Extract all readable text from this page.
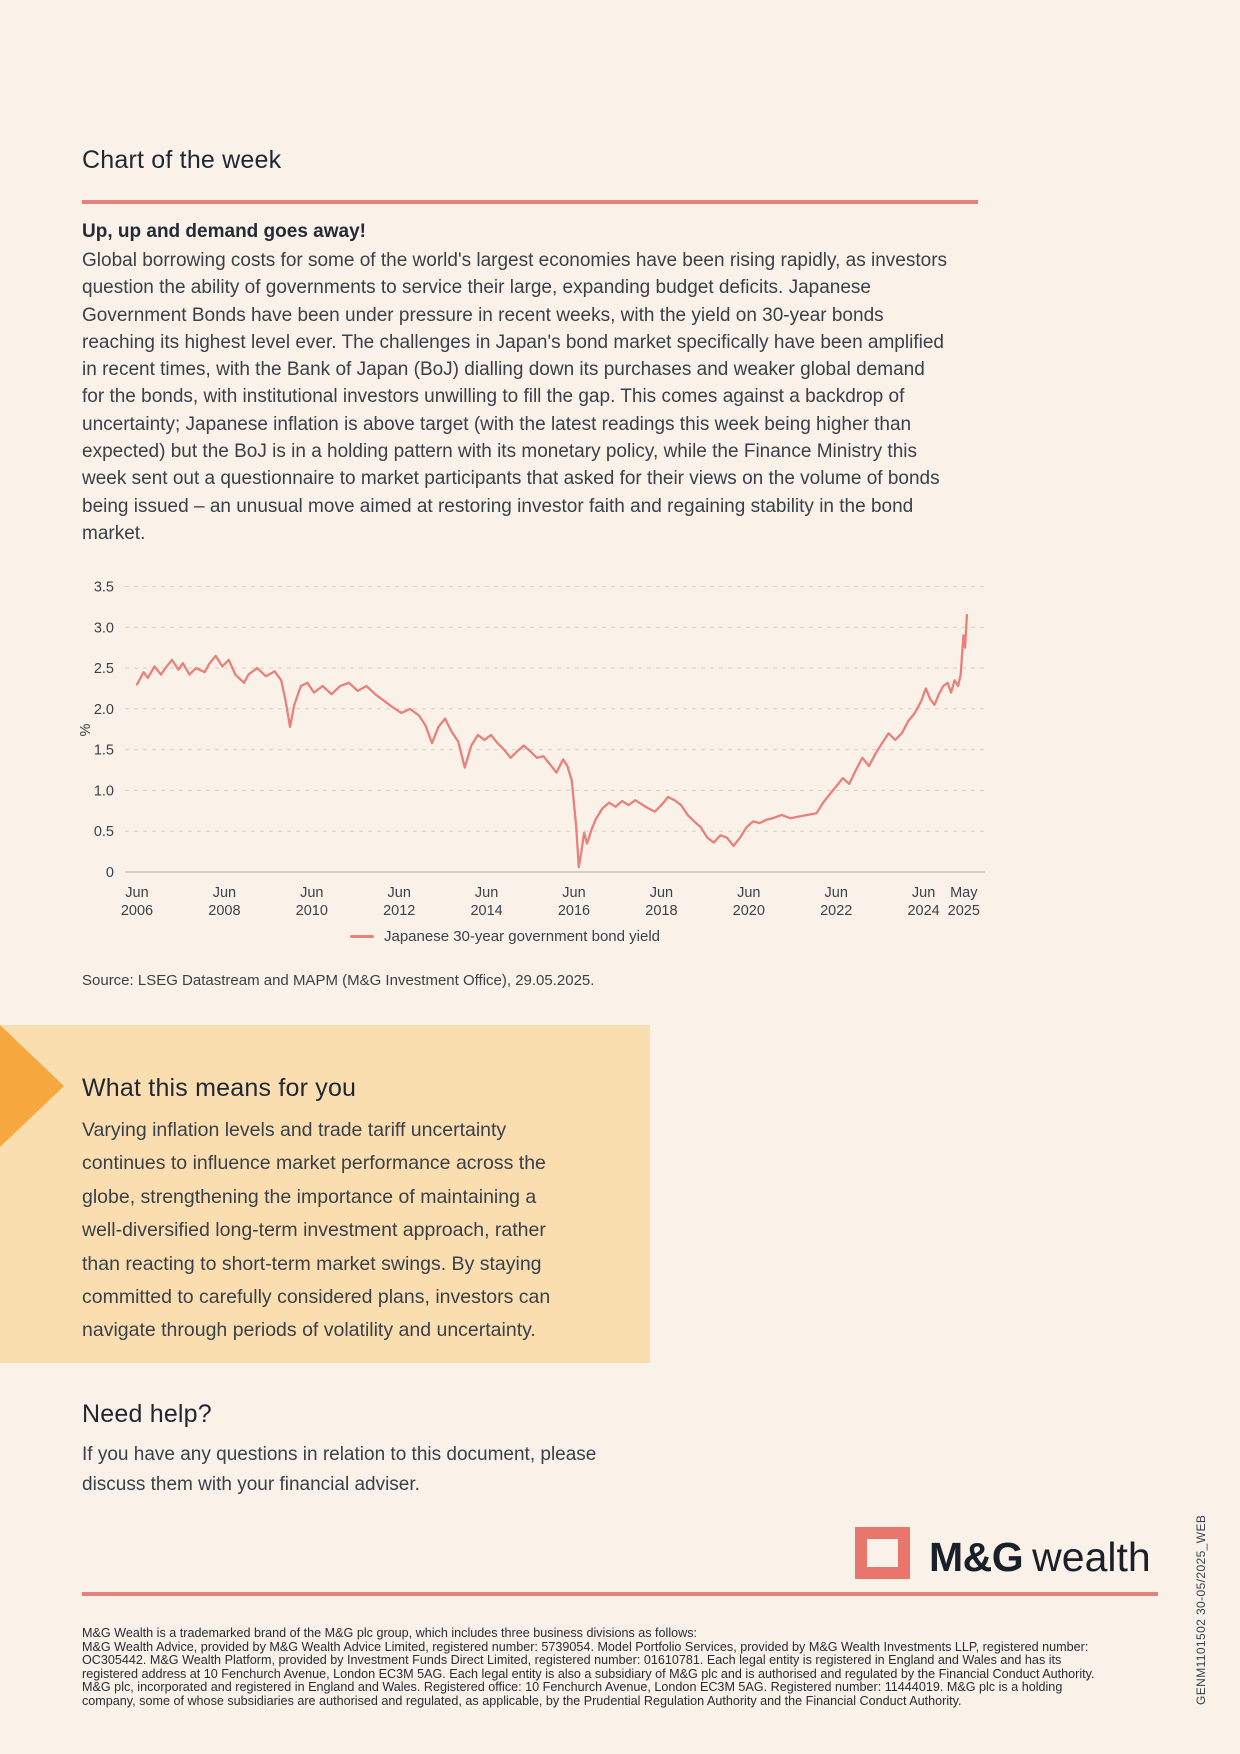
Chart of the week
Up, up and demand goes away!
Global borrowing costs for some of the world's largest economies have been rising rapidly, as investors question the ability of governments to service their large, expanding budget deficits. Japanese Government Bonds have been under pressure in recent weeks, with the yield on 30-year bonds reaching its highest level ever. The challenges in Japan's bond market specifically have been amplified in recent times, with the Bank of Japan (BoJ) dialling down its purchases and weaker global demand for the bonds, with institutional investors unwilling to fill the gap. This comes against a backdrop of uncertainty; Japanese inflation is above target (with the latest readings this week being higher than expected) but the BoJ is in a holding pattern with its monetary policy, while the Finance Ministry this week sent out a questionnaire to market participants that asked for their views on the volume of bonds being issued – an unusual move aimed at restoring investor faith and regaining stability in the bond market.
0
0.5
1.0
1.5
2.0
2.5
3.0
3.5
%
Jun
2006
Jun
2008
Jun
2010
Jun
2012
Jun
2014
Jun
2016
Jun
2018
Jun
2020
Jun
2022
Jun
2024
May
2025
Japanese 30-year government bond yield
Source: LSEG Datastream and MAPM (M&G Investment Office), 29.05.2025.
What this means for you
Varying inflation levels and trade tariff uncertainty continues to influence market performance across the globe, strengthening the importance of maintaining a well-diversified long-term investment approach, rather than reacting to short-term market swings. By staying committed to carefully considered plans, investors can navigate through periods of volatility and uncertainty.
Need help?
If you have any questions in relation to this document, please discuss them with your financial adviser.
M&G wealth
M&G Wealth is a trademarked brand of the M&G plc group, which includes three business divisions as follows:
M&G Wealth Advice, provided by M&G Wealth Advice Limited, registered number: 5739054. Model Portfolio Services, provided by M&G Wealth Investments LLP, registered number:
OC305442. M&G Wealth Platform, provided by Investment Funds Direct Limited, registered number: 01610781. Each legal entity is registered in England and Wales and has its
registered address at 10 Fenchurch Avenue, London EC3M 5AG. Each legal entity is also a subsidiary of M&G plc and is authorised and regulated by the Financial Conduct Authority.
M&G plc, incorporated and registered in England and Wales. Registered office: 10 Fenchurch Avenue, London EC3M 5AG. Registered number: 11444019. M&G plc is a holding
company, some of whose subsidiaries are authorised and regulated, as applicable, by the Prudential Regulation Authority and the Financial Conduct Authority.	GENM1101502 30-05/2025_WEB
